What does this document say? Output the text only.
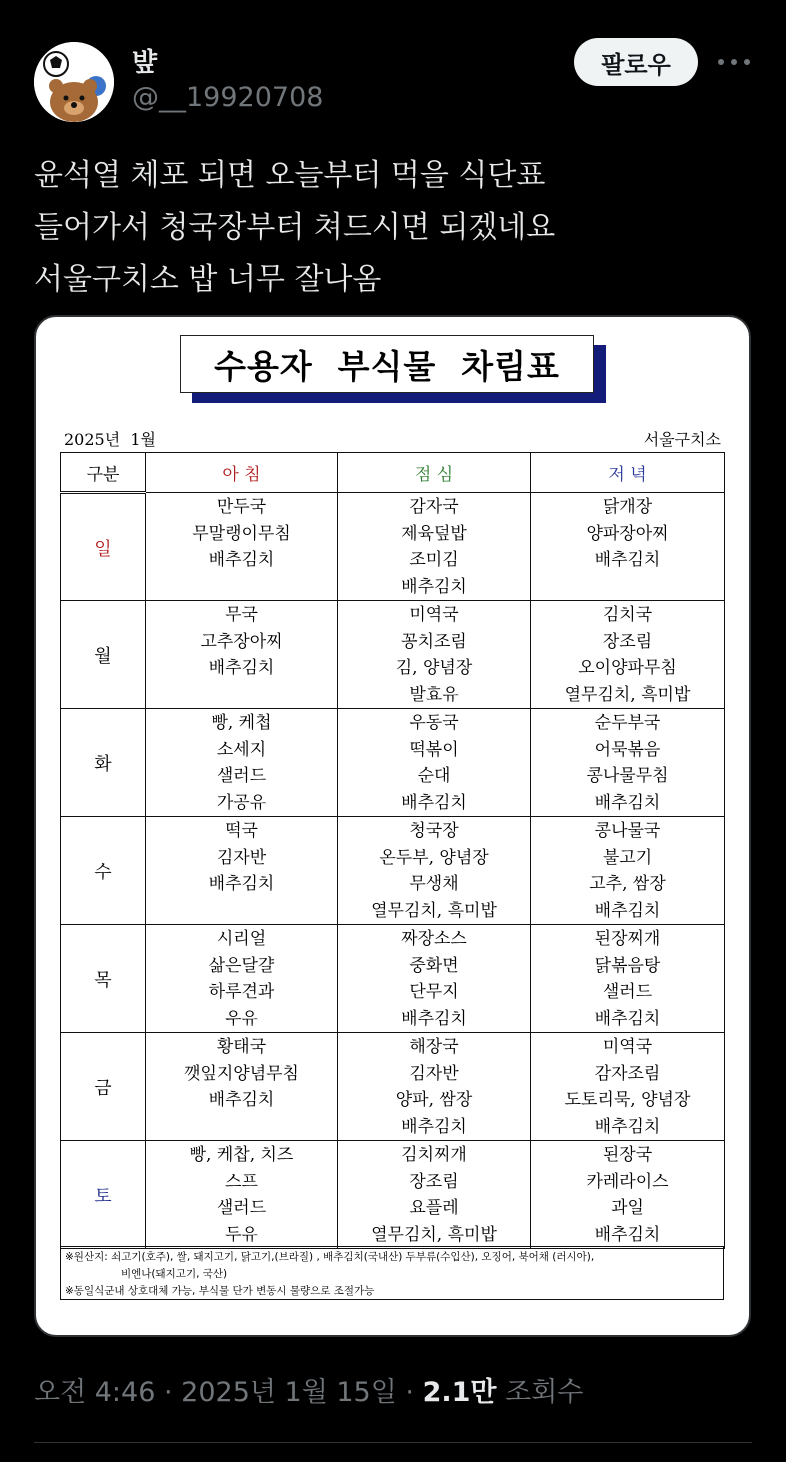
뱦
@__19920708
팔로우
윤석열 체포 되면 오늘부터 먹을 식단표
들어가서 청국장부터 쳐드시면 되겠네요
서울구치소 밥 너무 잘나옴
수용자  부식물  차림표
2025년  1월	서울구치소
구분	아 침	점 심	저 녁
일	만두국
무말랭이무침
배추김치	감자국
제육덮밥
조미김
배추김치	닭개장
양파장아찌
배추김치

월	무국
고추장아찌
배추김치	미역국
꽁치조림
김, 양념장
발효유	김치국
장조림
오이양파무침
열무김치, 흑미밥

화	빵, 케첩
소세지
샐러드
가공유	우동국
떡볶이
순대
배추김치	순두부국
어묵볶음
콩나물무침
배추김치

수	떡국
김자반
배추김치	청국장
온두부, 양념장
무생채
열무김치, 흑미밥	콩나물국
불고기
고추, 쌈장
배추김치

목	시리얼
삶은달걀
하루견과
우유	짜장소스
중화면
단무지
배추김치	된장찌개
닭볶음탕
샐러드
배추김치

금	황태국
깻잎지양념무침
배추김치	해장국
김자반
양파, 쌈장
배추김치	미역국
감자조림
도토리묵, 양념장
배추김치

토	빵, 케찹, 치즈
스프
샐러드
두유	김치찌개
장조림
요플레
열무김치, 흑미밥	된장국
카레라이스
과일
배추김치
※원산지: 쇠고기(호주), 쌀, 돼지고기, 닭고기,(브라질) , 배추김치(국내산) 두부류(수입산), 오징어, 북어채 (러시아),
비엔나(돼지고기, 국산)
※동일식군내 상호대체 가능, 부식물 단가 변동시 물량으로 조절가능
오전 4:46 · 2025년 1월 15일 · 2.1만 조회수
